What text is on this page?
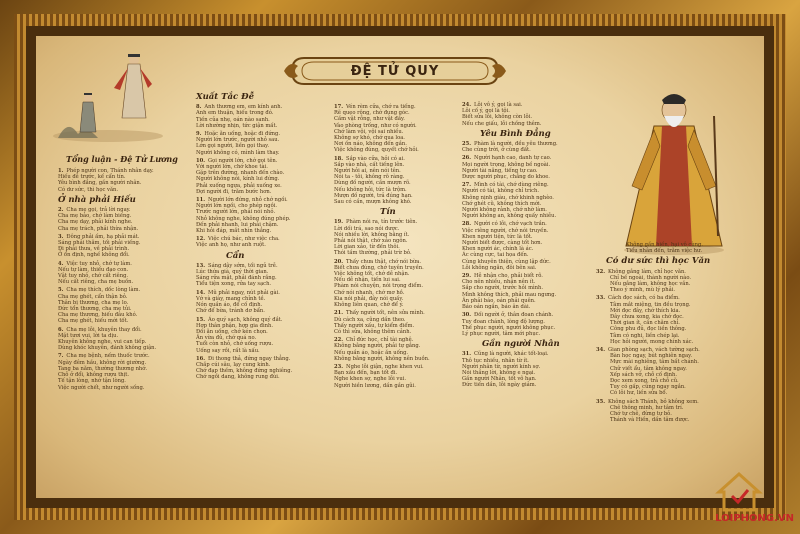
Tổng luận - Đệ Tử Lương
ĐỆ TỬ QUY
1. Phép người con, Thánh nhân dạy.
Hiếu đễ trước, kế cẩn tín.
Yêu bình đẳng, gần người nhân.
Có dư sức, thì học văn.
Ở nhà phải Hiếu
2. Cha mẹ gọi, trả lời ngay.
Cha mẹ bảo, chớ làm biếng.
Cha mẹ dạy, phải kính nghe.
Cha mẹ trách, phải thừa nhận.
3. Đông phải ấm, hạ phải mát.
Sáng phải thăm, tối phải viếng.
Đi phải thưa, về phải trình.
Ở ổn định, nghề không đổi.
4. Việc tuy nhỏ, chớ tự làm.
Nếu tự làm, thiếu đạo con.
Vật tuy nhỏ, chớ cất riêng.
Nếu cất riêng, cha mẹ buồn.
5. Cha mẹ thích, dốc lòng làm.
Cha mẹ ghét, cẩn thận bỏ.
Thân bị thương, cha mẹ lo.
Đức tổn thương, cha mẹ tủi.
Cha mẹ thương, hiếu đâu khó.
Cha mẹ ghét, hiếu mới tốt.
6. Cha mẹ lỗi, khuyên thay đổi.
Mặt tươi vui, lời ta dịu.
Khuyên không nghe, vui can tiếp.
Dùng khóc khuyên, đánh không giận.
7. Cha mẹ bệnh, nếm thuốc trước.
Ngày đêm hầu, không rời giường.
Tang ba năm, thường thương nhớ.
Chỗ ở đổi, không rượu thịt.
Tế tận lòng, nhớ tận lòng.
Việc người chết, như người sống.
Xuất Tắc Đễ
8. Anh thương em, em kính anh.
Anh em thuận, hiếu trong đó.
Tiền của nhẹ, oán nào sanh.
Lời nhường nhịn, tức giận mất.
9. Hoặc ăn uống, hoặc đi đứng.
Người lớn trước, người nhỏ sau.
Lớn gọi người, liền gọi thay.
Người không có, mình làm thay.
10. Gọi người lớn, chớ gọi tên.
Với người lớn, chớ khoe tài.
Gặp trên đường, nhanh đến chào.
Người không nói, kính lui đứng.
Phải xuống ngựa, phải xuống xe.
Đợi người đi, trăm bước hơn.
11. Người lớn đứng, nhỏ chớ ngồi.
Người lớn ngồi, cho phép ngồi.
Trước người lớn, phải nói nhỏ.
Nhỏ không nghe, không đúng phép.
Đến phải nhanh, lui phải chậm.
Khi hỏi đáp, mắt nhìn thẳng.
12. Việc chú bác, như việc cha.
Việc anh họ, như anh ruột.
Cẩn
13. Sáng dậy sớm, tối ngủ trễ.
Lúc thứa già, quý thời gian.
Sáng rửa mặt, phải đánh răng.
Tiểu tiện xong, rửa tay sạch.
14. Mũ phải ngay, nút phải gài.
Vớ và giày, mang chỉnh tề.
Nón quần áo, để cố định.
Chớ để bừa, tránh dơ bẩn.
15. Áo quý sạch, không quý đắt.
Hợp thân phận, hợp gia đình.
Đối ăn uống, chớ kén chọn.
Ăn vừa đủ, chớ quá no.
Tuổi còn nhỏ, chớ uống rượu.
Uống say rồi, rất là xấu.
16. Đi thong thả, đứng ngay thẳng.
Chắp cúi sâu, lạy cung kính.
Chớ đạp thềm, không đứng nghiêng.
Chớ ngồi dang, không rung đùi.
17. Vén rèm cửa, chớ ra tiếng.
Rẽ quẹo rộng, chớ đụng góc.
Cầm vật rỗng, như vật đầy.
Vào phòng trống, như có người.
Chớ làm vội, vội sai nhiều.
Không sợ khó, chớ qua loa.
Nơi ồn náo, không đến gần.
Việc không đúng, quyết chớ hỏi.
18. Sắp vào cửa, hỏi có ai.
Sắp vào nhà, cất tiếng lên.
Người hỏi ai, nên nói tên.
Nói ta - tôi, không rõ ràng.
Dùng đồ người, cần mượn rõ.
Nếu không hỏi, tức là trộm.
Mượn đồ người, trả đúng hạn.
Sau có cần, mượn không khó.
Tín
19. Phàm nói ra, tín trước tiên.
Lời dối trá, sao nói được.
Nói nhiều lời, không bằng ít.
Phải nói thật, chớ xảo ngôn.
Lời gian xảo, từ đến thôi.
Thói tầm thường, phải trừ bỏ.
20. Thấy chưa thật, chớ nói bừa.
Biết chưa đúng, chớ tuyên truyền.
Việc không tốt, chớ dễ nhận.
Nếu dễ nhận, tiến lui sai.
Phàm nói chuyện, nói trọng điểm.
Chớ nói nhanh, chớ mơ hồ.
Kia nói phải, đây nói quấy.
Không liên quan, chớ để ý.
21. Thấy người tốt, nên sửa mình.
Dù cách xa, cũng dần theo.
Thấy người xấu, tự kiểm điểm.
Có thì sửa, không thêm cảnh.
22. Chỉ đức học, chỉ tài nghệ.
Không bằng người, phải tự gắng.
Nếu quần áo, hoặc ăn uống.
Không bằng người, không nên buồn.
23. Nghe lỗi giận, nghe khen vui.
Bạn xấu đến, bạn tốt đi.
Nghe khen sợ, nghe lỗi vui.
Người hiền lương, dần gần gũi.
24. Lỗi vô ý, gọi là sai.
Lỗi cố ý, gọi là tội.
Biết sửa lỗi, không còn lỗi.
Nếu che giấu, lỗi chồng thêm.
Yêu Bình Đẳng
25. Phàm là người, đều yêu thương.
Che cùng trời, ở cùng đất.
26. Người hạnh cao, danh tự cao.
Mọi người trọng, không bề ngoài.
Người tài năng, tiếng tự cao.
Được người phục, chẳng do khoe.
27. Mình có tài, chớ dùng riêng.
Người có tài, không chỉ trích.
Không nịnh giàu, chớ khinh nghèo.
Chớ ghét cũ, không thích mới.
Người không rảnh, chớ nhờ làm.
Người không an, không quấy nhiễu.
28. Người có lỗi, chớ vạch trần.
Việc riêng người, chớ nói truyền.
Khen người tiện, tức là tốt.
Người biết được, càng tốt hơn.
Khen người ác, chính là ác.
Ác cùng cực, tai họa đến.
Cùng khuyên thiện, cùng lập đức.
Lỗi không ngăn, đôi bên sai.
29. Hễ nhận cho, phải biết rõ.
Cho nên nhiều, nhận nên ít.
Sắp cho người, trước hỏi mình.
Mình không thích, phải mau ngưng.
Ân phải báo, oán phải quên.
Báo oán ngắn, báo ân dài.
30. Đối người ở, thân đoan chánh.
Tuy đoan chánh, lòng độ lượng.
Thế phục người, người không phục.
Lý phục người, tâm mới phục.
Gần người Nhân
31. Cũng là người, khác tốt-loại.
Thô tục nhiều, nhân từ ít.
Người nhân từ, người kính sợ.
Nói thẳng lời, không e ngại.
Gần người Nhân, tốt vô hạn.
Đức tiến dần, lỗi ngày giảm.
Không gần hiền, hại vô cùng.
Tiểu nhân đến, trăm việc hư.
Có dư sức thì học Văn
32. Không gắng làm, chỉ học văn.
Chỉ bề ngoài, thành người nào.
Nếu gắng làm, không học văn.
Theo ý mình, mù lý phải.
33. Cách đọc sách, có ba điểm.
Tâm mắt miệng, tin đều trọng.
Mới đọc đây, chớ thích kia.
Đây chưa xong, kia chớ đọc.
Thời gian ít, cần chăm chỉ.
Công phu đủ, đọc liền thông.
Tâm có nghi, liền chép lại.
Học hỏi người, mong chính xác.
34. Gian phòng sạch, vách tường sạch.
Bàn học ngay, bút nghiên ngay.
Mực mài nghiêng, tâm bất chánh.
Chữ viết ẩu, tâm không ngay.
Xếp sách vở, chỗ cố định.
Đọc xem xong, trả chỗ cũ.
Tuy có gấp, cũng ngay ngắn.
Có lỗi hư, liền sửa bổ.
35. Không sách Thánh, bỏ không xem.
Chê thông minh, hư tâm trí.
Chớ tự chê, đừng tự bỏ.
Thánh và Hiền, dần tâm được.
LOIPHONG.VN
